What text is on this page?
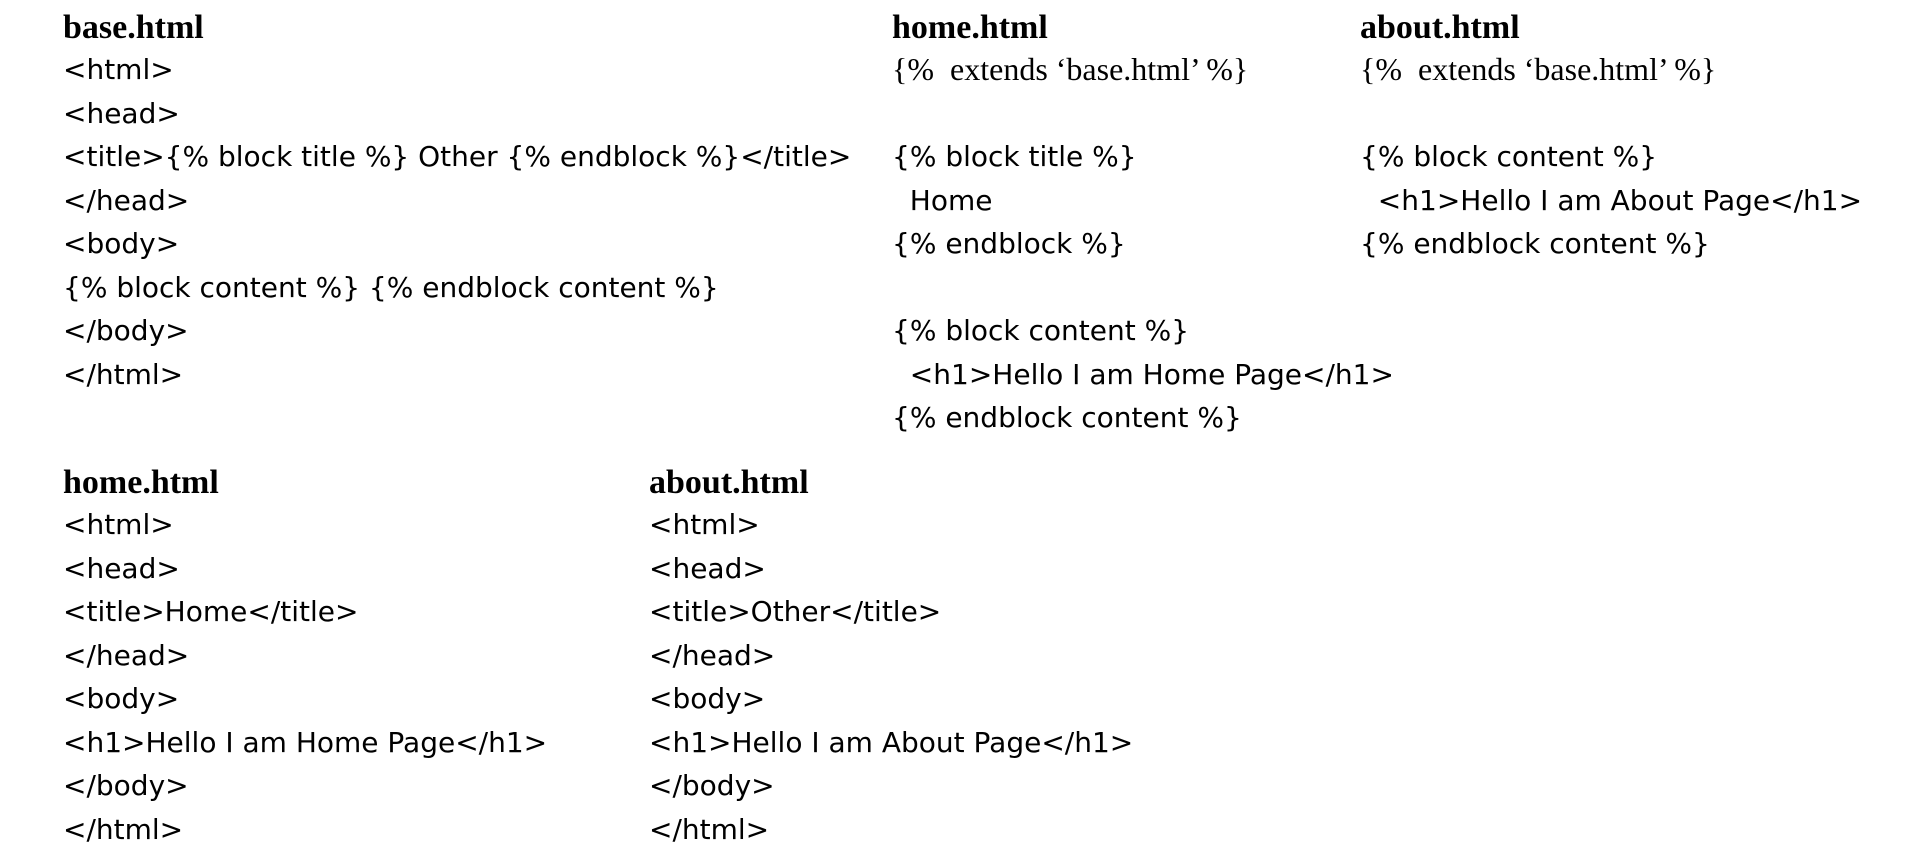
base.html
<html>
<head>
<title>{% block title %} Other {% endblock %}</title>
</head>
<body>
{% block content %} {% endblock content %}
</body>
</html>
home.html
{%  extends ‘base.html’ %}
{% block title %}
Home
{% endblock %}
{% block content %}
<h1>Hello I am Home Page</h1>
{% endblock content %}
about.html
{%  extends ‘base.html’ %}
{% block content %}
<h1>Hello I am About Page</h1>
{% endblock content %}
home.html
<html>
<head>
<title>Home</title>
</head>
<body>
<h1>Hello I am Home Page</h1>
</body>
</html>
about.html
<html>
<head>
<title>Other</title>
</head>
<body>
<h1>Hello I am About Page</h1>
</body>
</html>
